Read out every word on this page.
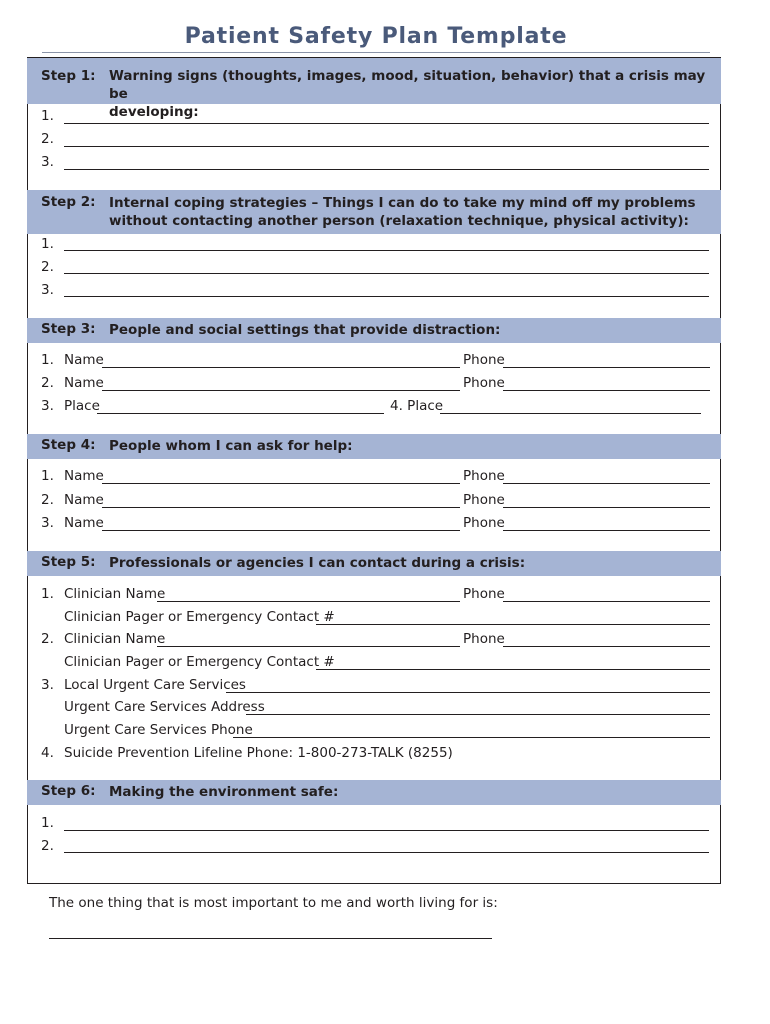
Patient Safety Plan Template
Step 1: Warning signs (thoughts, images, mood, situation, behavior) that a crisis may be
developing:
1.
2.
3.
Step 2: Internal coping strategies – Things I can do to take my mind off my problems
without contacting another person (relaxation technique, physical activity):
1.
2.
3.
Step 3: People and social settings that provide distraction:
1. Name	Phone
2. Name	Phone
3. Place	4. Place
Step 4: People whom I can ask for help:
1. Name	Phone
2. Name	Phone
3. Name	Phone
Step 5: Professionals or agencies I can contact during a crisis:
1. Clinician Name	Phone
Clinician Pager or Emergency Contact #
2. Clinician Name	Phone
Clinician Pager or Emergency Contact #
3. Local Urgent Care Services
Urgent Care Services Address
Urgent Care Services Phone
4. Suicide Prevention Lifeline Phone: 1-800-273-TALK (8255)
Step 6: Making the environment safe:
1.
2.
The one thing that is most important to me and worth living for is:
